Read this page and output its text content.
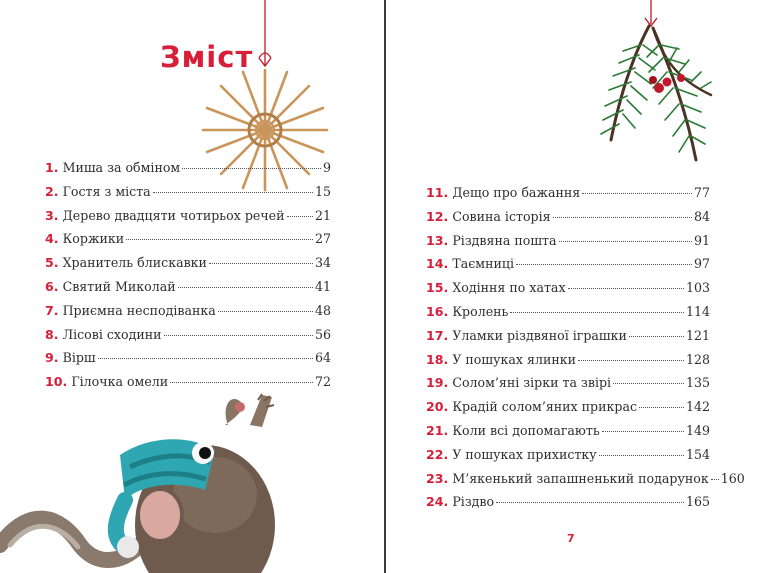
Зміст
1. Миша за обміном	9
2. Гостя з міста	15
3. Дерево двадцяти чотирьох речей 21
4. Коржики	27
5. Хранитель блискавки	34
6. Святий Миколай	41
7. Приємна несподіванка	48
8. Лісові сходини	56
9. Вірш	64
10. Гілочка омели	72
11. Дещо про бажання	77
12. Совина історія	84
13. Різдвяна пошта	91
14. Таємниці	97
15. Ходіння по хатах	103
16. Кролень	114
17. Уламки різдвяної іграшки	121
18. У пошуках ялинки	128
19. Солом’яні зірки та звірі	135
20. Крадій солом’яних прикрас	142
21. Коли всі допомагають	149
22. У пошуках прихистку	154
23. М’якенький запашненький подарунок 160
24. Різдво	165
7
